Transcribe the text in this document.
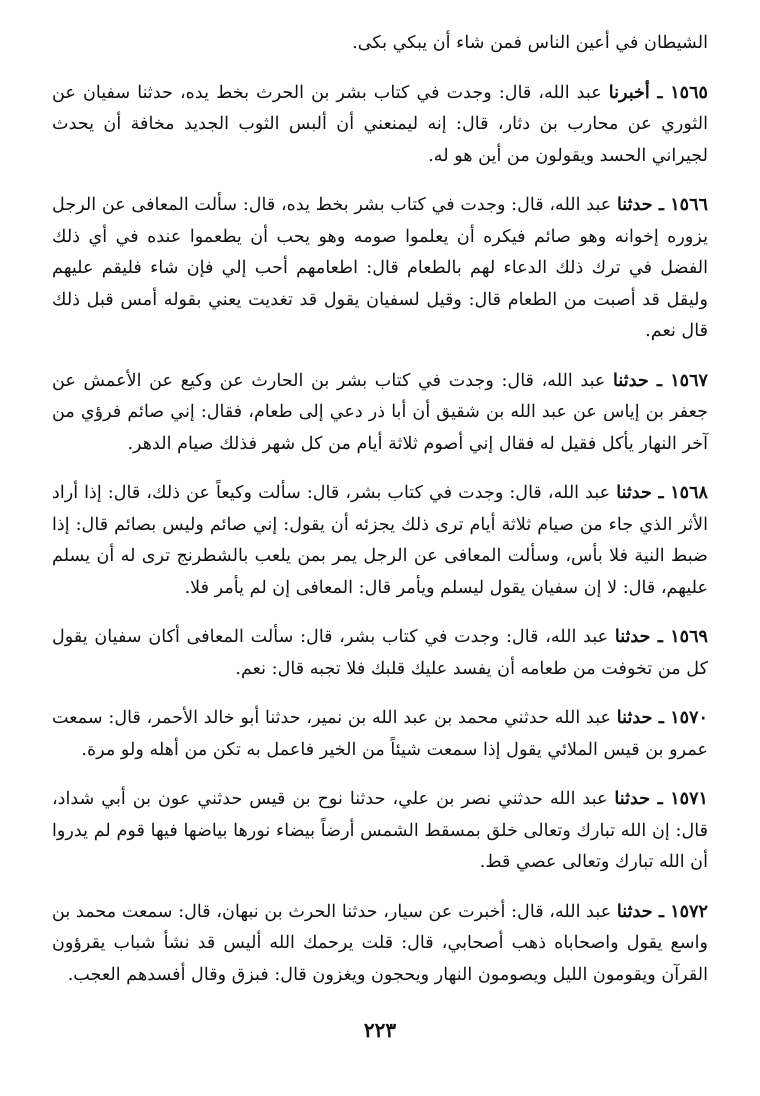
الشيطان في أعين الناس فمن شاء أن يبكي بكى.

١٥٦٥ ـ أخبرنا عبد الله، قال: وجدت في كتاب بشر بن الحرث بخط يده، حدثنا سفيان عن الثوري عن محارب بن دثار، قال: إنه ليمنعني أن ألبس الثوب الجديد مخافة أن يحدث لجيراني الحسد ويقولون من أين هو له.

١٥٦٦ ـ حدثنا عبد الله، قال: وجدت في كتاب بشر بخط يده، قال: سألت المعافى عن الرجل يزوره إخوانه وهو صائم فيكره أن يعلموا صومه وهو يحب أن يطعموا عنده في أي ذلك الفضل في ترك ذلك الدعاء لهم بالطعام قال: اطعامهم أحب إلي فإن شاء فليقم عليهم وليقل قد أصبت من الطعام قال: وقيل لسفيان يقول قد تغديت يعني بقوله أمس قبل ذلك قال نعم.

١٥٦٧ ـ حدثنا عبد الله، قال: وجدت في كتاب بشر بن الحارث عن وكيع عن الأعمش عن جعفر بن إياس عن عبد الله بن شقيق أن أبا ذر دعي إلى طعام، فقال: إني صائم فرؤي من آخر النهار يأكل فقيل له فقال إني أصوم ثلاثة أيام من كل شهر فذلك صيام الدهر.

١٥٦٨ ـ حدثنا عبد الله، قال: وجدت في كتاب بشر، قال: سألت وكيعاً عن ذلك، قال: إذا أراد الأثر الذي جاء من صيام ثلاثة أيام ترى ذلك يجزئه أن يقول: إني صائم وليس بصائم قال: إذا ضبط النية فلا بأس، وسألت المعافى عن الرجل يمر بمن يلعب بالشطرنج ترى له أن يسلم عليهم، قال: لا إن سفيان يقول ليسلم ويأمر قال: المعافى إن لم يأمر فلا.

١٥٦٩ ـ حدثنا عبد الله، قال: وجدت في كتاب بشر، قال: سألت المعافى أكان سفيان يقول كل من تخوفت من طعامه أن يفسد عليك قلبك فلا تجبه قال: نعم.

١٥٧٠ ـ حدثنا عبد الله حدثني محمد بن عبد الله بن نمير، حدثنا أبو خالد الأحمر، قال: سمعت عمرو بن قيس الملائي يقول إذا سمعت شيئاً من الخير فاعمل به تكن من أهله ولو مرة.

١٥٧١ ـ حدثنا عبد الله حدثني نصر بن علي، حدثنا نوح بن قيس حدثني عون بن أبي شداد، قال: إن الله تبارك وتعالى خلق بمسقط الشمس أرضاً بيضاء نورها بياضها فيها قوم لم يدروا أن الله تبارك وتعالى عصي قط.

١٥٧٢ ـ حدثنا عبد الله، قال: أخبرت عن سيار، حدثنا الحرث بن نبهان، قال: سمعت محمد بن واسع يقول واصحاباه ذهب أصحابي، قال: قلت يرحمك الله أليس قد نشأ شباب يقرؤون القرآن ويقومون الليل ويصومون النهار ويحجون ويغزون قال: فبزق وقال أفسدهم العجب.

٢٢٣
